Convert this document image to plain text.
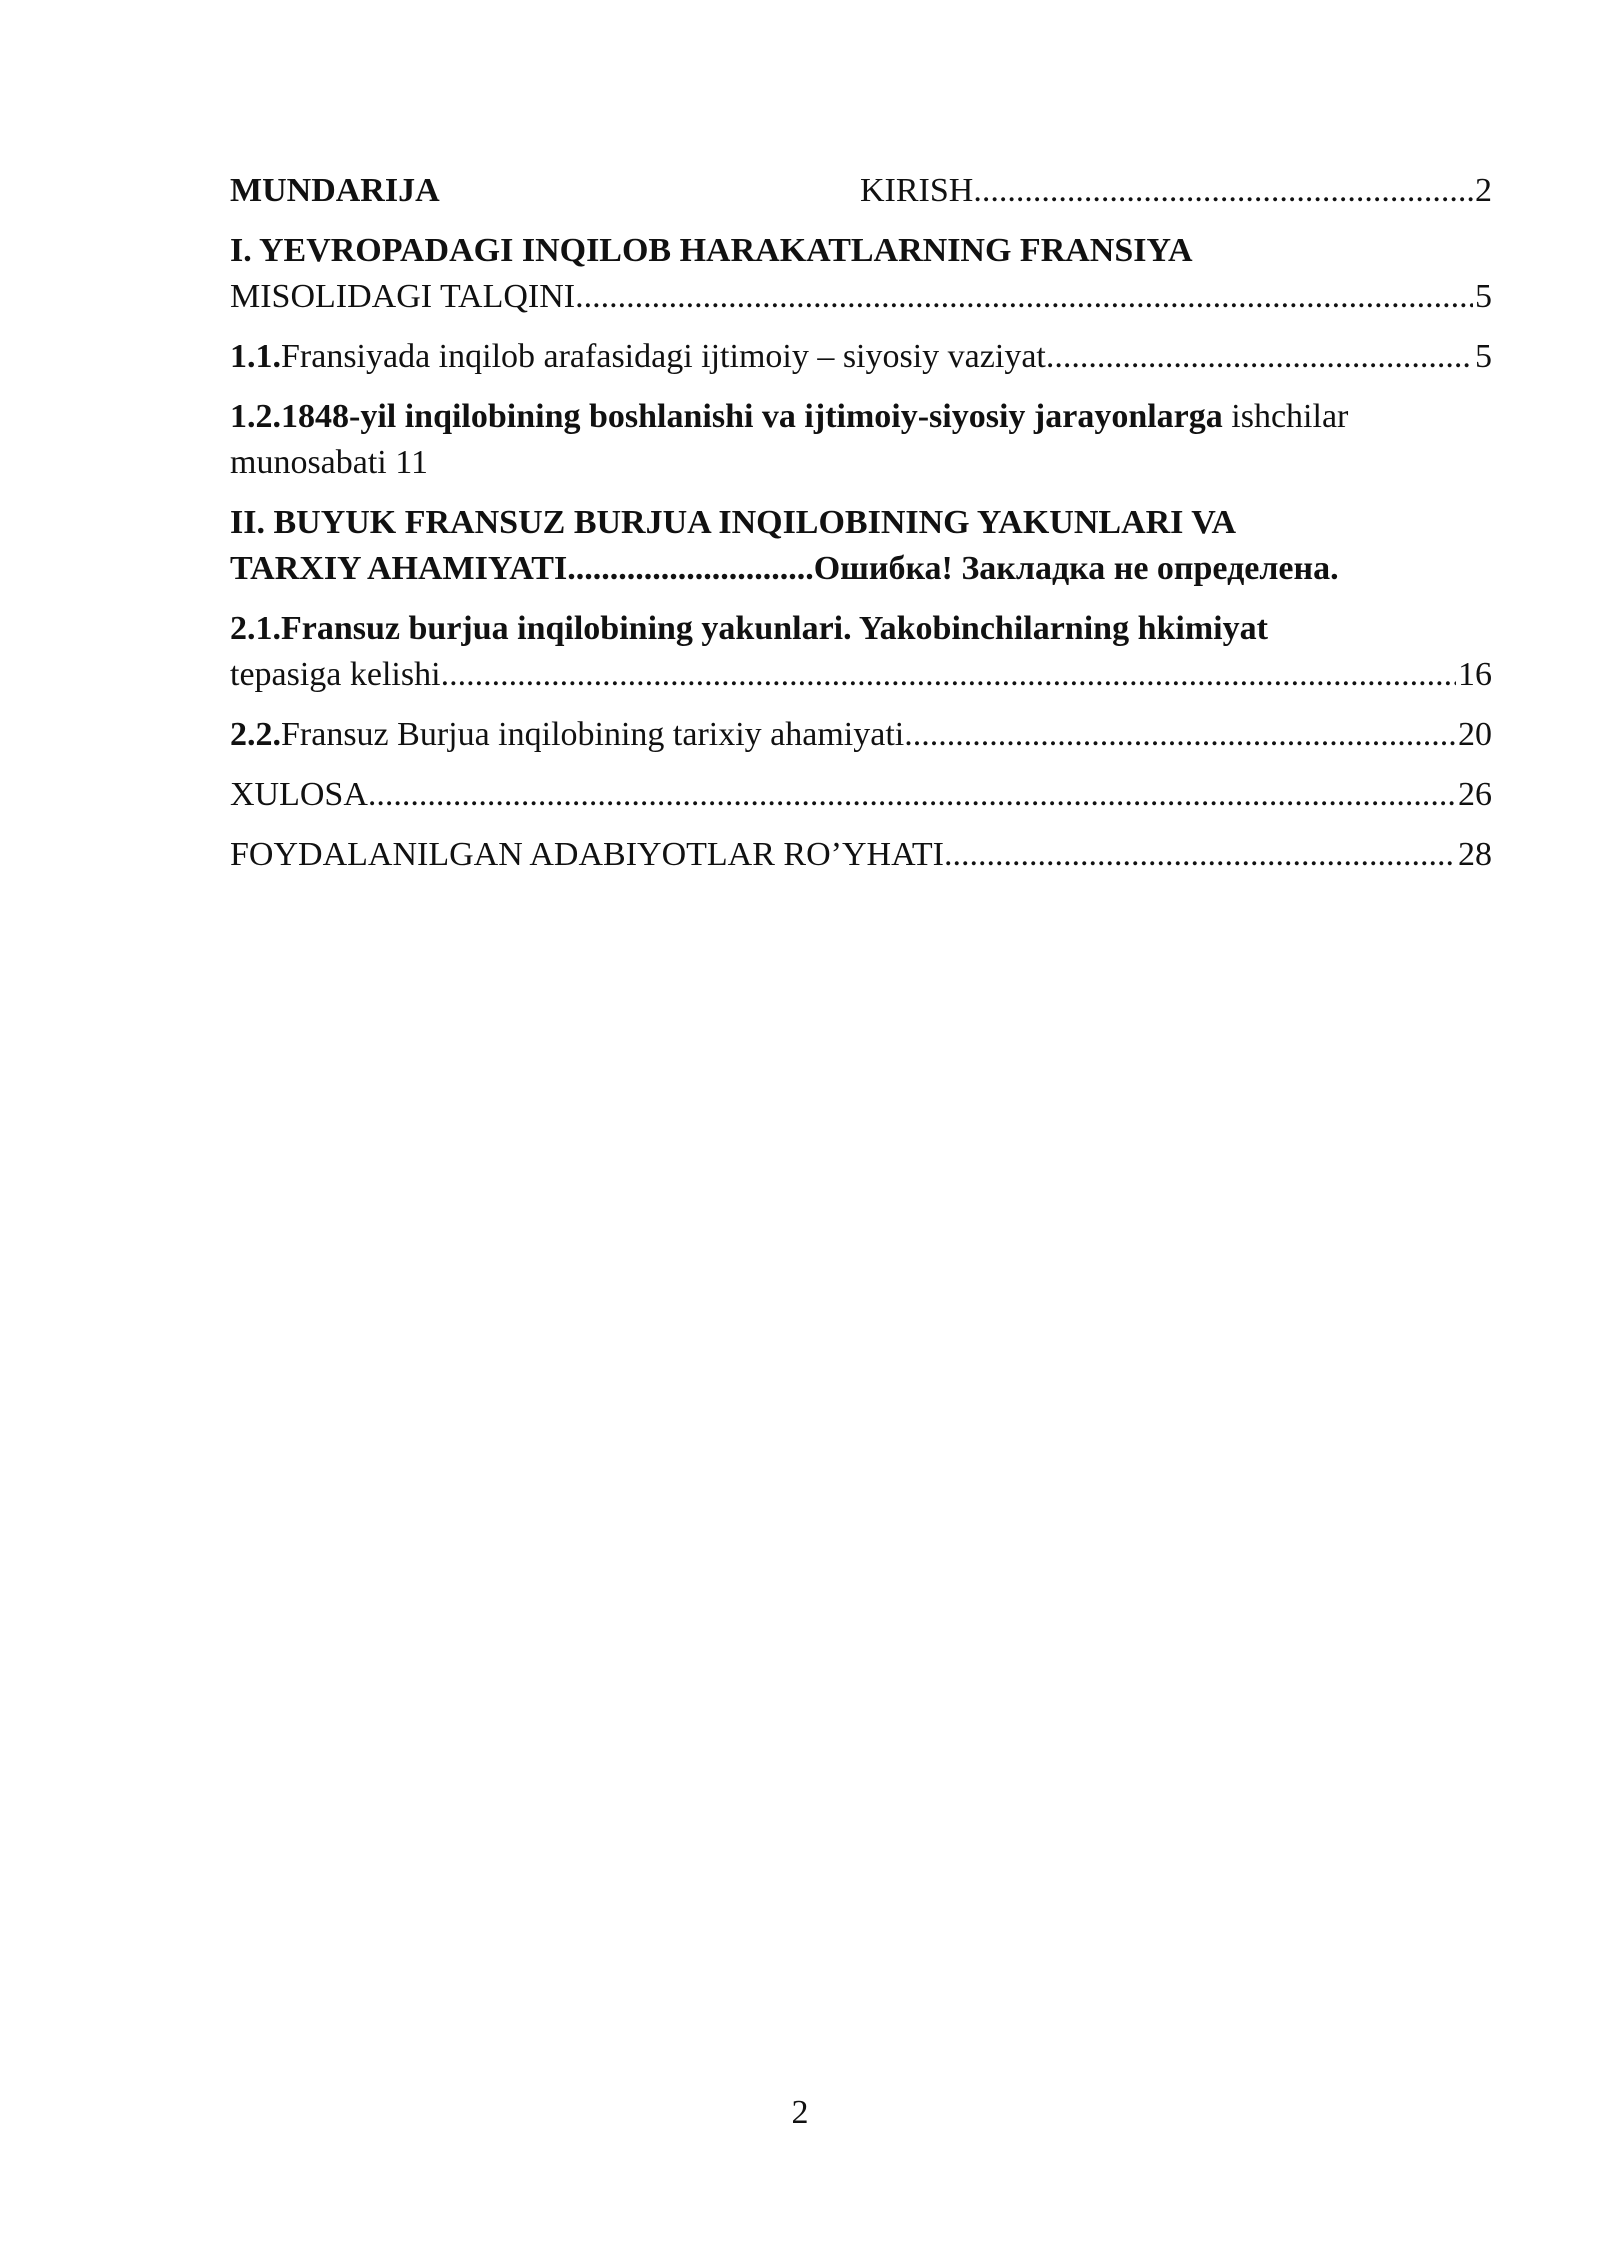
MUNDARIJA	KIRISH .....	2
I. YEVROPADAGI INQILOB HARAKATLARNING FRANSIYA
MISOLIDAGI TALQINI .....	5
1.1. Fransiyada inqilob arafasidagi ijtimoiy – siyosiy vaziyat .....	5
1.2.1848-yil inqilobining boshlanishi va ijtimoiy-siyosiy jarayonlarga ishchilar
munosabati 11
II. BUYUK FRANSUZ BURJUA INQILOBINING YAKUNLARI VA
TARXIY AHAMIYATI.............................Ошибка! Закладка не определена.
2.1.Fransuz burjua inqilobining yakunlari. Yakobinchilarning hkimiyat
tepasiga kelishi .....	16
2.2. Fransuz Burjua inqilobining tarixiy ahamiyati .....	20
XULOSA .....	26
FOYDALANILGAN ADABIYOTLAR RO’YHATI .....	28
2
